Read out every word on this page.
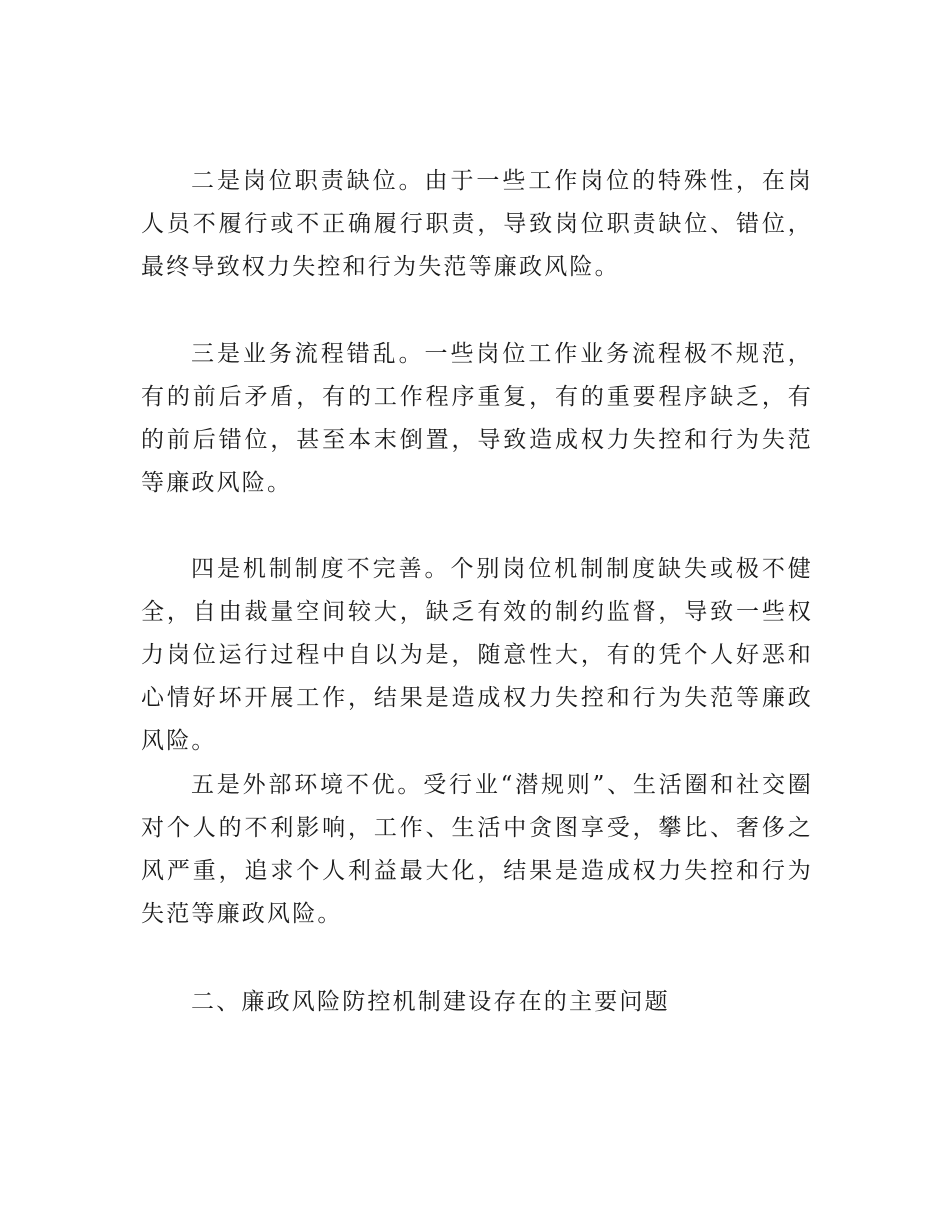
二是岗位职责缺位。由于一些工作岗位的特殊性，在岗人员不履行或不正确履行职责，导致岗位职责缺位、错位，最终导致权力失控和行为失范等廉政风险。

三是业务流程错乱。一些岗位工作业务流程极不规范，有的前后矛盾，有的工作程序重复，有的重要程序缺乏，有的前后错位，甚至本末倒置，导致造成权力失控和行为失范等廉政风险。

四是机制制度不完善。个别岗位机制制度缺失或极不健全，自由裁量空间较大，缺乏有效的制约监督，导致一些权力岗位运行过程中自以为是，随意性大，有的凭个人好恶和心情好坏开展工作，结果是造成权力失控和行为失范等廉政风险。

五是外部环境不优。受行业“潜规则”、生活圈和社交圈对个人的不利影响，工作、生活中贪图享受，攀比、奢侈之风严重，追求个人利益最大化，结果是造成权力失控和行为失范等廉政风险。

二、廉政风险防控机制建设存在的主要问题
